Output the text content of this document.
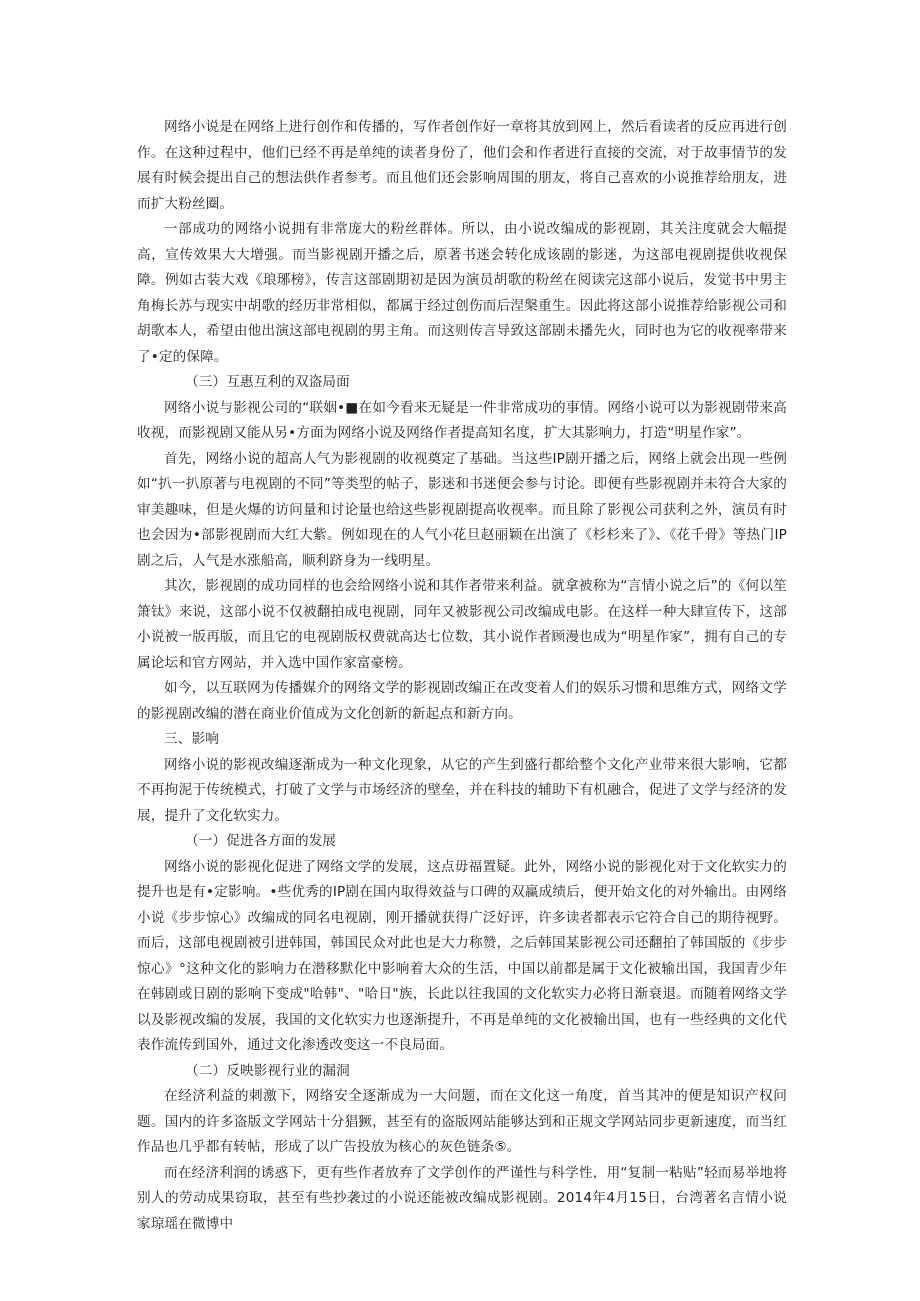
网络小说是在网络上进行创作和传播的，写作者创作好一章将其放到网上，然后看读者的反应再进行创作。在这种过程中，他们已经不再是单纯的读者身份了，他们会和作者进行直接的交流，对于故事情节的发展有时候会提出自己的想法供作者参考。而且他们还会影响周围的朋友，将自己喜欢的小说推荐给朋友，进而扩大粉丝圈。

一部成功的网络小说拥有非常庞大的粉丝群体。所以，由小说改编成的影视剧，其关注度就会大幅提高，宣传效果大大增强。而当影视剧开播之后，原著书迷会转化成该剧的影迷，为这部电视剧提供收视保障。例如古装大戏《琅琊榜》，传言这部剧期初是因为演员胡歌的粉丝在阅读完这部小说后，发觉书中男主角梅长苏与现实中胡歌的经历非常相似，都属于经过创伤而后涅槃重生。因此将这部小说推荐给影视公司和胡歌本人，希望由他出演这部电视剧的男主角。而这则传言导致这部剧未播先火，同时也为它的收视率带来了•定的保障。

（三）互惠互利的双盗局面

网络小说与影视公司的“联姻•■在如今看来无疑是一件非常成功的事情。网络小说可以为影视剧带来高收视，而影视剧又能从另•方面为网络小说及网络作者提高知名度，扩大其影响力，打造“明星作家”。

首先，网络小说的超高人气为影视剧的收视奠定了基础。当这些IP剧开播之后，网络上就会出现一些例如“扒一扒原著与电视剧的不同”等类型的帖子，影迷和书迷便会参与讨论。即便有些影视剧并未符合大家的审美趣味，但是火爆的访问量和讨论量也给这些影视剧提高收视率。而且除了影视公司获利之外，演员有时也会因为•部影视剧而大红大紫。例如现在的人气小花旦赵丽颖在出演了《杉杉来了》、《花千骨》等热门IP剧之后，人气是水涨船高，顺利跻身为一线明星。

其次，影视剧的成功同样的也会给网络小说和其作者带来利益。就拿被称为“言情小说之后”的《何以笙箫钛》来说，这部小说不仅被翻拍成电视剧，同年又被影视公司改编成电影。在这样一种大肆宣传下，这部小说被一版再版，而且它的电视剧版权费就高达七位数，其小说作者顾漫也成为“明星作家”，拥有自己的专属论坛和官方网站，并入选中国作家富豪榜。

如今，以互联网为传播媒介的网络文学的影视剧改编正在改变着人们的娱乐习惯和思维方式，网络文学的影视剧改编的潜在商业价值成为文化创新的新起点和新方向。

三、影响

网络小说的影视改编逐渐成为一种文化现象，从它的产生到盛行都给整个文化产业带来很大影响，它都不再拘泥于传统模式，打破了文学与市场经济的壁垒，并在科技的辅助下有机融合，促进了文学与经济的发展，提升了文化软实力。

（一）促进各方面的发展

网络小说的影视化促进了网络文学的发展，这点毋福置疑。此外，网络小说的影视化对于文化软实力的提升也是有•定影响。•些优秀的IP剧在国内取得效益与口碑的双赢成绩后，便开始文化的对外输出。由网络小说《步步惊心》改编成的同名电视剧，刚开播就获得广泛好评，许多读者都表示它符合自己的期待视野。而后，这部电视剧被引进韩国，韩国民众对此也是大力称赞，之后韩国某影视公司还翻拍了韩国版的《步步惊心》°这种文化的影响力在潜移默化中影响着大众的生活，中国以前都是属于文化被输出国，我国青少年在韩剧或日剧的影响下变成"哈韩"、"哈日"族，长此以往我国的文化软实力必将日渐衰退。而随着网络文学以及影视改编的发展，我国的文化软实力也逐渐提升，不再是单纯的文化被输出国，也有一些经典的文化代表作流传到国外，通过文化渗透改变这一不良局面。

（二）反映影视行业的漏洞

在经济利益的刺激下，网络安全逐渐成为一大问题，而在文化这一角度，首当其冲的便是知识产权问题。国内的许多盗版文学网站十分猖獗，甚至有的盗版网站能够达到和正规文学网站同步更新速度，而当红作品也几乎都有转帖，形成了以广告投放为核心的灰色链条⑤。

而在经济利润的诱惑下，更有些作者放弃了文学创作的严谨性与科学性，用“复制一粘贴”轻而易举地将别人的劳动成果窃取，甚至有些抄袭过的小说还能被改编成影视剧。2014年4月15日，台湾著名言情小说家琼瑶在微博中
